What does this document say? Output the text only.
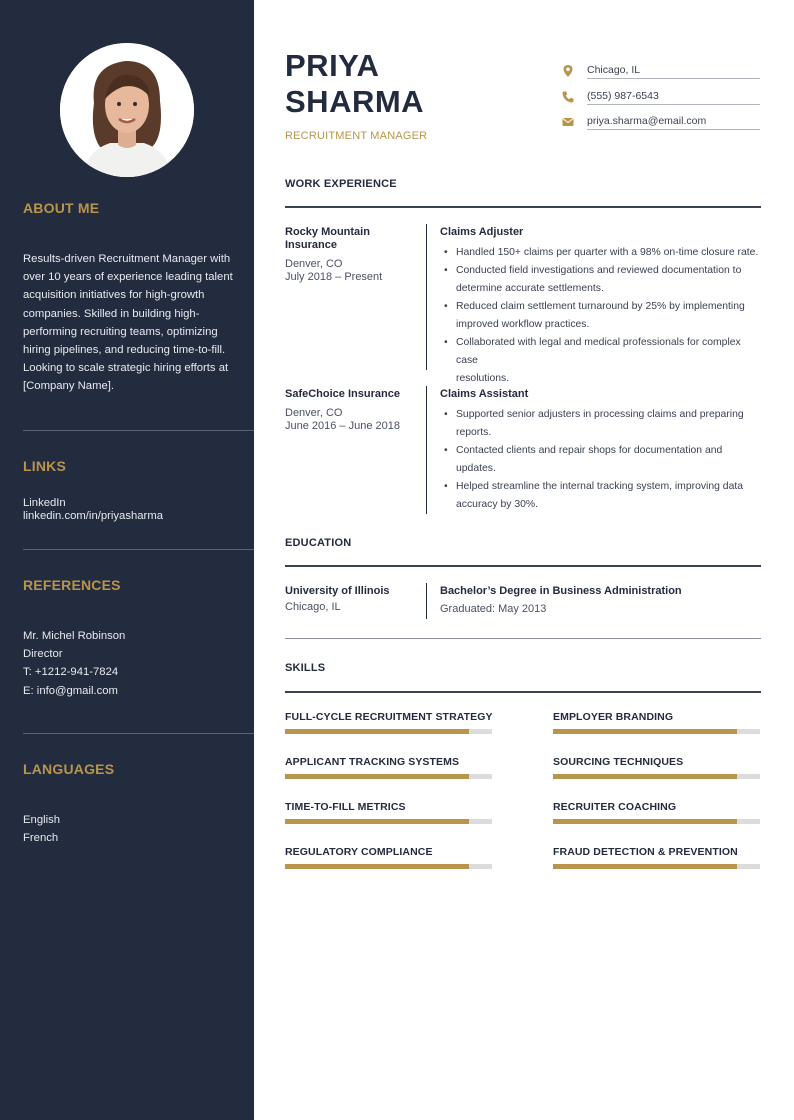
ABOUT ME
Results-driven Recruitment Manager with
over 10 years of experience leading talent
acquisition initiatives for high-growth
companies. Skilled in building high-
performing recruiting teams, optimizing
hiring pipelines, and reducing time-to-fill.
Looking to scale strategic hiring efforts at
[Company Name].
LINKS
LinkedIn
linkedin.com/in/priyasharma
REFERENCES
Mr. Michel Robinson
Director
T: +1212-941-7824
E: info@gmail.com
LANGUAGES
English
French
PRIYA
SHARMA
RECRUITMENT MANAGER
Chicago, IL
(555) 987-6543
priya.sharma@email.com
WORK EXPERIENCE
Rocky Mountain
Insurance
Denver, CO
July 2018 – Present
Claims Adjuster
• Handled 150+ claims per quarter with a 98% on-time closure rate.
• Conducted field investigations and reviewed documentation to
determine accurate settlements.
• Reduced claim settlement turnaround by 25% by implementing
improved workflow practices.
• Collaborated with legal and medical professionals for complex case
resolutions.
SafeChoice Insurance
Denver, CO
June 2016 – June 2018
Claims Assistant
• Supported senior adjusters in processing claims and preparing
reports.
• Contacted clients and repair shops for documentation and
updates.
• Helped streamline the internal tracking system, improving data
accuracy by 30%.
EDUCATION
University of Illinois
Chicago, IL
Bachelor’s Degree in Business Administration
Graduated: May 2013
SKILLS
FULL-CYCLE RECRUITMENT STRATEGY	EMPLOYER BRANDING
APPLICANT TRACKING SYSTEMS	SOURCING TECHNIQUES
TIME-TO-FILL METRICS	RECRUITER COACHING
REGULATORY COMPLIANCE	FRAUD DETECTION & PREVENTION
